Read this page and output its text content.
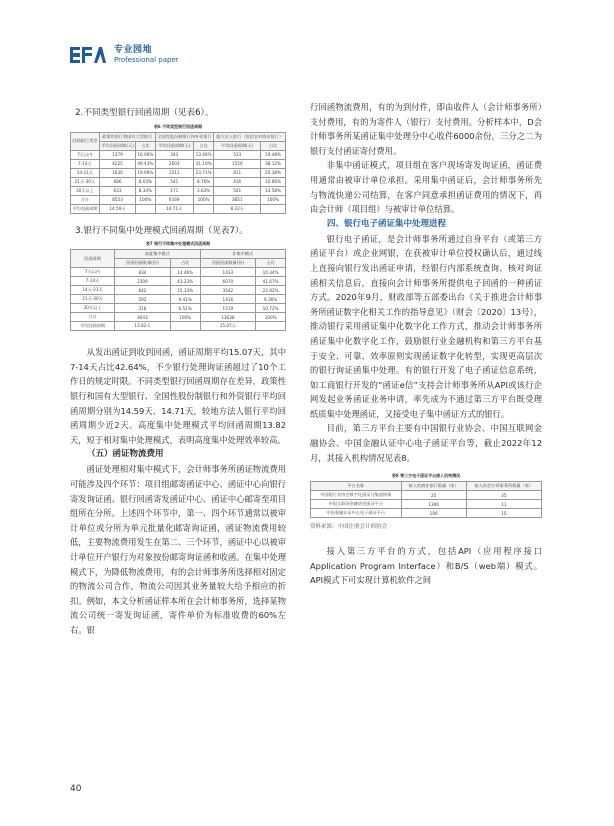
专业园地
Professional paper
2.不同类型银行回函周期（见表6）。
表6 不同类型银行回函周期
回函银行类型	政策性银行和国有大型银行		全国性股份制银行和外资银行		地方法人银行（包括农村商业银行）	
	平均回函周期(天)	占比	平均回函周期(天)	占比	平均回函周期(天)	占比
7天以内	1379	16.06%	343	13.46%	533	19.48%
7-14天	4225	49.43%	2603	41.10%	1550	38.12%
14-21天	1630	19.06%	1511	23.71%	811	20.38%
21天-30天	686	8.03%	541	8.76%	416	10.66%
30天以上	633	8.34%	171	3.63%	541	14.58%
合计	8553	100%	6169	100%	3851	100%
平均回函周期	14.59天		14.71天		8.32天	
3.银行不同集中处理模式回函周期（见表7）。
表7 银行不同集中处理模式回函周期
回函周期	高度集中模式		非集中模式	
	回函回函数量(份)	占比	回函回函数量(份)	占比
7天以内	834	14.46%	1433	10.34%
7-14天	2309	43.23%	6070	41.67%
14天-21天	642	15.33%	3542	22.82%
21天-30天	592	9.41%	1416	9.36%
30天以上	318	6.51%	1519	10.72%
合计	4643	100%	13638	100%
平均回函周期	13.82天		15.07天	
从发出函证到收到回函，函证周期平均15.07天，其中7-14天占比42.64%，不少银行处理询证函超过了10个工作日的规定时限。不同类型银行回函周期存在差异，政策性银行和国有大型银行、全国性股份制银行和外资银行平均回函周期分别为14.59天、14.71天，较地方法人银行平均回函周期少近2天。高度集中处理模式平均回函周期13.82天，短于相对集中处理模式，表明高度集中处理效率较高。
（五）函证物流费用
函证处理相对集中模式下，会计师事务所函证物流费用可能涉及四个环节：项目组邮寄函证中心、函证中心向银行寄发询证函、银行回函寄发函证中心、函证中心邮寄至项目组所在分所。上述四个环节中，第一、四个环节通常以被审计单位或分所为单元批量化邮寄询证函，函证物流费用较低，主要物流费用发生在第二、三个环节，函证中心以被审计单位开户银行为对象按份邮寄询证函和收函。在集中处理模式下，为降低物流费用，有的会计师事务所选择相对固定的物流公司合作，物流公司因其业务量较大给予相应的折扣。例如，本文分析函证样本所在会计师事务所，选择某物流公司统一寄发询证函，寄件单价为标准收费的60%左右。银
行回函物流费用，有的为到付件，即由收件人（会计师事务所）支付费用，有的为寄件人（银行）支付费用。分析样本中，D会计师事务所某函证集中处理分中心收件6000余份，三分之二为银行支付函证寄付费用。
非集中函证模式，项目组在客户现场寄发询证函，函证费用通常由被审计单位承担。采用集中函证后，会计师事务所先与物流快递公司结算，在客户同意承担函证费用的情况下，再由会计师（项目组）与被审计单位结算。
四、银行电子函证集中处理进程
银行电子函证，是会计师事务所通过自身平台（或第三方函证平台）或企业网银，在获被审计单位授权确认后，通过线上直接向银行发出函证申请，经银行内部系统查询、核对询证函相关信息后，直接向会计师事务所提供电子回函的一种函证方式。2020年9月，财政部等五部委出台《关于推进会计师事务所函证数字化相关工作的指导意见》（财会〔2020〕13号），推动银行采用函证集中化数字化工作方式，推动会计师事务所函证集中化数字化工作，鼓励银行业金融机构和第三方平台基于安全、可靠、效率原则实现函证数字化转型，实现更高层次的银行询证函集中处理。有的银行开发了电子函证信息系统，如工商银行开发的“函证e信”支持会计师事务所从API或该行企网发起业务函证业务申请，率先成为不通过第三方平台既受理纸质集中处理函证，又接受电子集中函证方式的银行。
目前，第三方平台主要有中国银行业协会、中国互联网金融协会、中国金融认证中心电子函证平台等，截止2022年12月，其接入机构情况见表8。
表8 第三方电子函证平台接入机构情况
平台名称	接入的商业银行数量（家）	接入的会计师事务所数量（家）
中国银行业协会数字化函证与集团核保	25	35
中国互联网金融协会函证平台	1306	11
中国金融认证中心电子函证平台	106	15
资料来源：中国注册会计师协会
接入第三方平台的方式，包括API（应用程序接口Application Program Interface）和B/S（web端）模式。API模式下可实现计算机软件之间
40
